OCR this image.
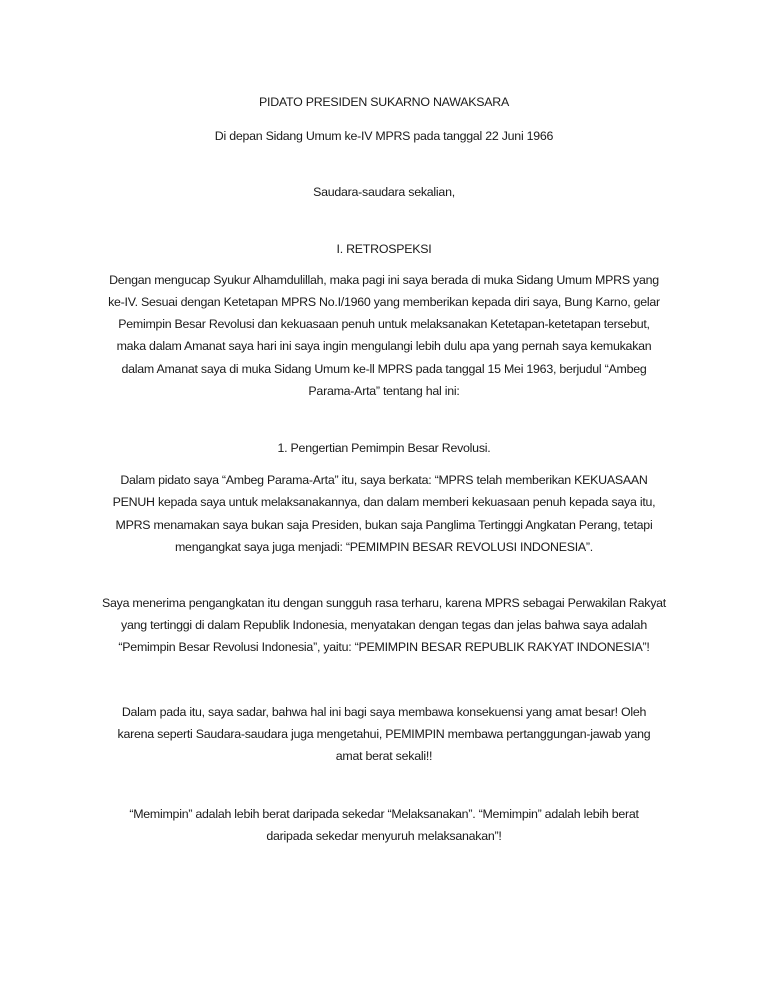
PIDATO PRESIDEN SUKARNO NAWAKSARA

Di depan Sidang Umum ke-IV MPRS pada tanggal 22 Juni 1966

Saudara-saudara sekalian,

I. RETROSPEKSI

Dengan mengucap Syukur Alhamdulillah, maka pagi ini saya berada di muka Sidang Umum MPRS yang
ke-IV. Sesuai dengan Ketetapan MPRS No.I/1960 yang memberikan kepada diri saya, Bung Karno, gelar
Pemimpin Besar Revolusi dan kekuasaan penuh untuk melaksanakan Ketetapan-ketetapan tersebut,
maka dalam Amanat saya hari ini saya ingin mengulangi lebih dulu apa yang pernah saya kemukakan
dalam Amanat saya di muka Sidang Umum ke-ll MPRS pada tanggal 15 Mei 1963, berjudul “Ambeg
Parama-Arta” tentang hal ini:

1. Pengertian Pemimpin Besar Revolusi.

Dalam pidato saya “Ambeg Parama-Arta” itu, saya berkata: “MPRS telah memberikan KEKUASAAN
PENUH kepada saya untuk melaksanakannya, dan dalam memberi kekuasaan penuh kepada saya itu,
MPRS menamakan saya bukan saja Presiden, bukan saja Panglima Tertinggi Angkatan Perang, tetapi
mengangkat saya juga menjadi: “PEMIMPIN BESAR REVOLUSI INDONESIA”.

Saya menerima pengangkatan itu dengan sungguh rasa terharu, karena MPRS sebagai Perwakilan Rakyat
yang tertinggi di dalam Republik Indonesia, menyatakan dengan tegas dan jelas bahwa saya adalah
“Pemimpin Besar Revolusi Indonesia”, yaitu: “PEMIMPIN BESAR REPUBLIK RAKYAT INDONESIA”!

Dalam pada itu, saya sadar, bahwa hal ini bagi saya membawa konsekuensi yang amat besar! Oleh
karena seperti Saudara-saudara juga mengetahui, PEMIMPIN membawa pertanggungan-jawab yang
amat berat sekali!!

“Memimpin” adalah lebih berat daripada sekedar “Melaksanakan”. “Memimpin” adalah lebih berat
daripada sekedar menyuruh melaksanakan”!
